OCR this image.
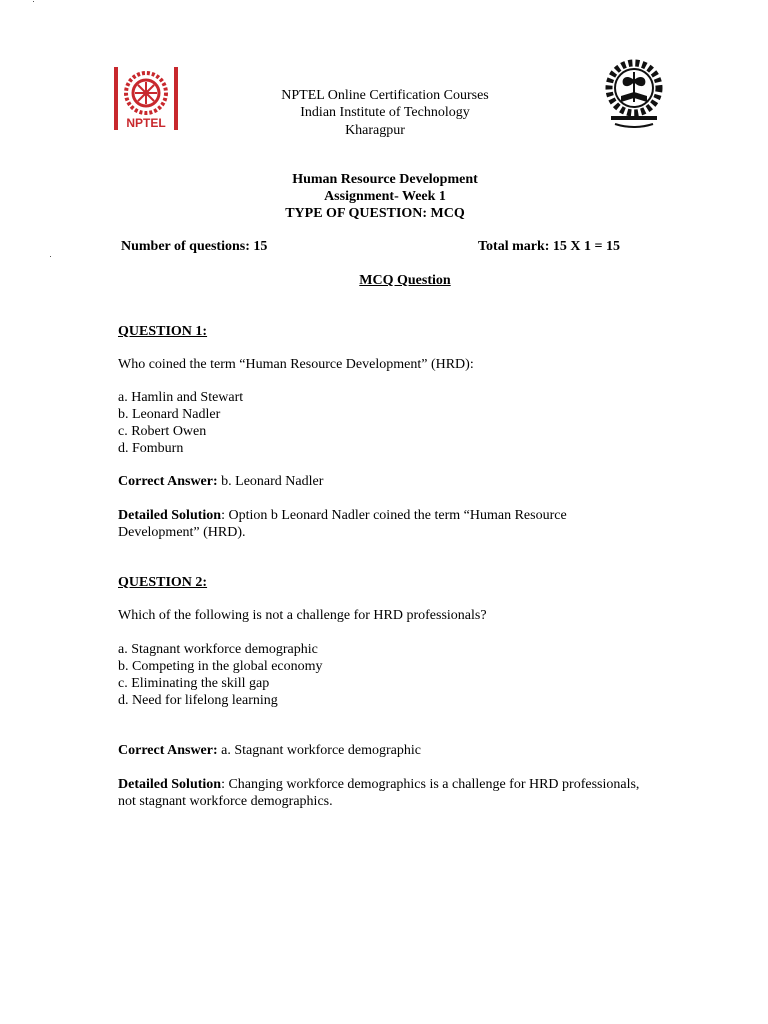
NPTEL
NPTEL Online Certification Courses
Indian Institute of Technology
Kharagpur
Human Resource Development
Assignment- Week 1
TYPE OF QUESTION: MCQ
Number of questions: 15	Total mark: 15 X 1 = 15
MCQ Question
QUESTION 1:
Who coined the term “Human Resource Development” (HRD):
a. Hamlin and Stewart
b. Leonard Nadler
c. Robert Owen
d. Fomburn
Correct Answer: b. Leonard Nadler
Detailed Solution: Option b Leonard Nadler coined the term “Human Resource
Development” (HRD).
QUESTION 2:
Which of the following is not a challenge for HRD professionals?
a. Stagnant workforce demographic
b. Competing in the global economy
c. Eliminating the skill gap
d. Need for lifelong learning
Correct Answer: a. Stagnant workforce demographic
Detailed Solution: Changing workforce demographics is a challenge for HRD professionals,
not stagnant workforce demographics.
